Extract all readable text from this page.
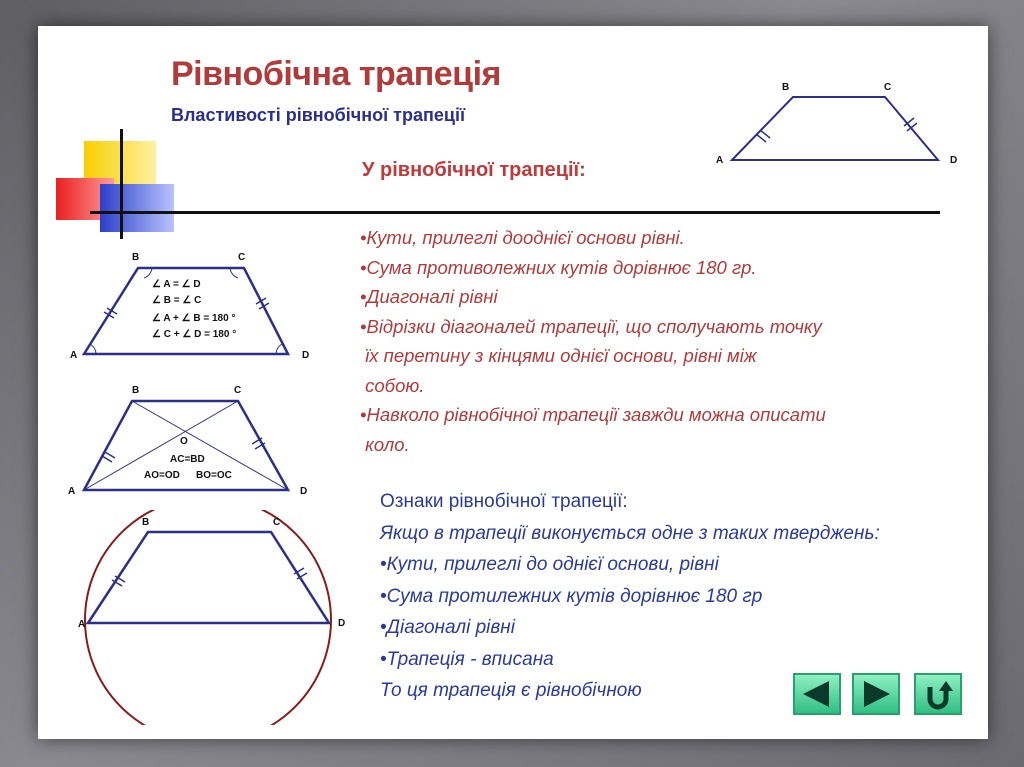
Рівнобічна трапеція
Властивості рівнобічної трапеції
B	C
A	D
У рівнобічної трапеції:
•Кути, прилеглі дооднієї основи рівні.
•Сума противолежних кутів дорівнює 180 гр.
•Диагоналі рівні
•Відрізки діагоналей трапеції, що сполучають точку
їх перетину з кінцями однієї основи, рівні між
собою.
•Навколо рівнобічної трапеції завжди можна описати
коло.
B	C
A	D
∠ A = ∠ D
∠ B = ∠ C
∠ A + ∠ B = 180 °
∠ C + ∠ D = 180 °
B	C
A	D
O
AC=BD
AO=OD BO=OC
B	C
A	D
Ознаки рівнобічної трапеції:
Якщо в трапеції виконується одне з таких тверджень:
•Кути, прилеглі до однієї основи, рівні
•Сума протилежних кутів дорівнює 180 гр
•Діагоналі рівні
•Трапеція - вписана
То ця трапеція є рівнобічною
